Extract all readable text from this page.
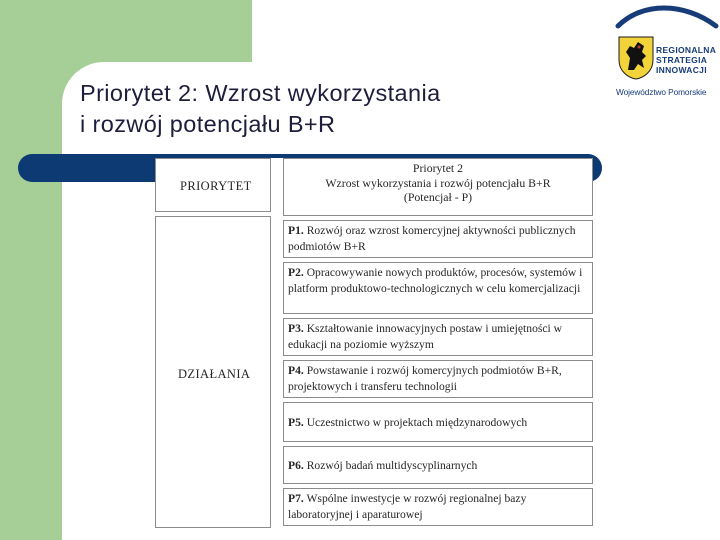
Priorytet 2: Wzrost wykorzystania
i rozwój potencjału B+R
REGIONALNA
STRATEGIA
INNOWACJI
Województwo Pomorskie
PRIORYTET
DZIAŁANIA
Priorytet 2
Wzrost wykorzystania i rozwój potencjału B+R
(Potencjał - P)
P1. Rozwój oraz wzrost komercyjnej aktywności publicznych podmiotów B+R
P2. Opracowywanie nowych produktów, procesów, systemów i platform produktowo-technologicznych w celu komercjalizacji
P3. Kształtowanie innowacyjnych postaw i umiejętności w edukacji na poziomie wyższym
P4. Powstawanie i rozwój komercyjnych podmiotów B+R, projektowych i transferu technologii
P5. Uczestnictwo w projektach międzynarodowych
P6. Rozwój badań multidyscyplinarnych
P7. Wspólne inwestycje w rozwój regionalnej bazy laboratoryjnej i aparaturowej
